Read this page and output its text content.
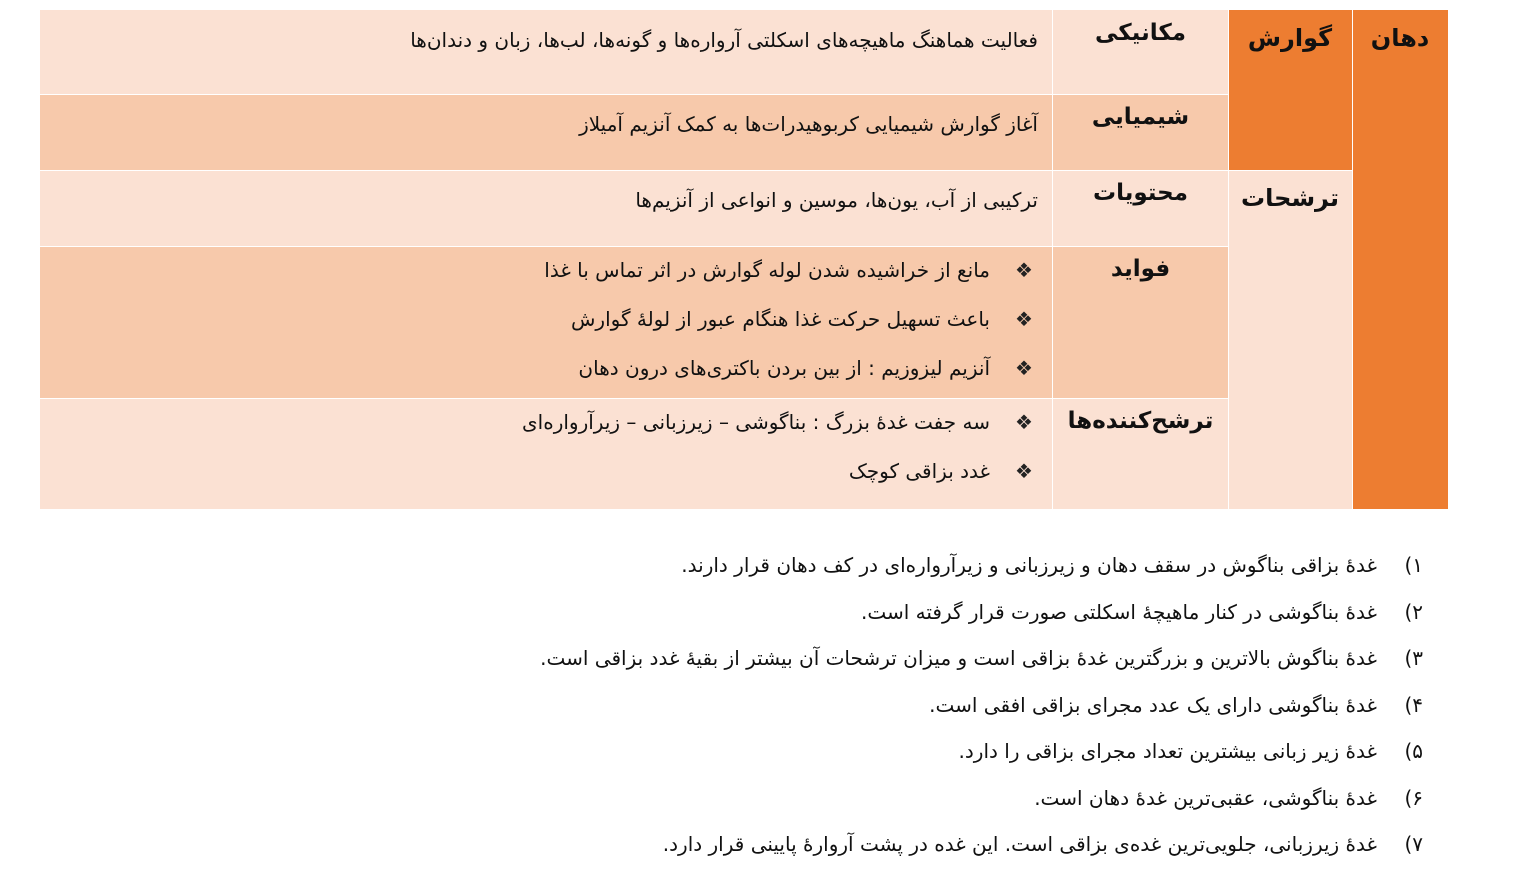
دهان
گوارش
ترشحات
مکانیکی
فعالیت هماهنگ ماهیچه‌های اسکلتی آرواره‌ها و گونه‌ها، لب‌ها، زبان و دندان‌ها
شیمیایی
آغاز گوارش شیمیایی کربوهیدرات‌ها به کمک آنزیم آمیلاز
محتویات
ترکیبی از آب، یون‌ها، موسین و انواعی از آنزیم‌ها
فواید
❖مانع از خراشیده شدن لوله گوارش در اثر تماس با غذا
❖باعث تسهیل حرکت غذا هنگام عبور از لولهٔ گوارش
❖آنزیم لیزوزیم : از بین بردن باکتری‌های درون دهان
ترشح‌کننده‌ها
❖سه جفت غدهٔ بزرگ : بناگوشی – زیرزبانی – زیرآرواره‌ای
❖غدد بزاقی کوچک
۱)غدهٔ بزاقی بناگوش در سقف دهان و زیرزبانی و زیرآرواره‌ای در کف دهان قرار دارند.
۲)غدهٔ بناگوشی در کنار ماهیچهٔ اسکلتی صورت قرار گرفته است.
۳)غدهٔ بناگوش بالاترین و بزرگترین غدهٔ بزاقی است و میزان ترشحات آن بیشتر از بقیهٔ غدد بزاقی است.
۴)غدهٔ بناگوشی دارای یک عدد مجرای بزاقی افقی است.
۵)غدهٔ زیر زبانی بیشترین تعداد مجرای بزاقی را دارد.
۶)غدهٔ بناگوشی، عقبی‌ترین غدهٔ دهان است.
۷)غدهٔ زیرزبانی، جلویی‌ترین غده‌ی بزاقی است. این غده در پشت آروارهٔ پایینی قرار دارد.
